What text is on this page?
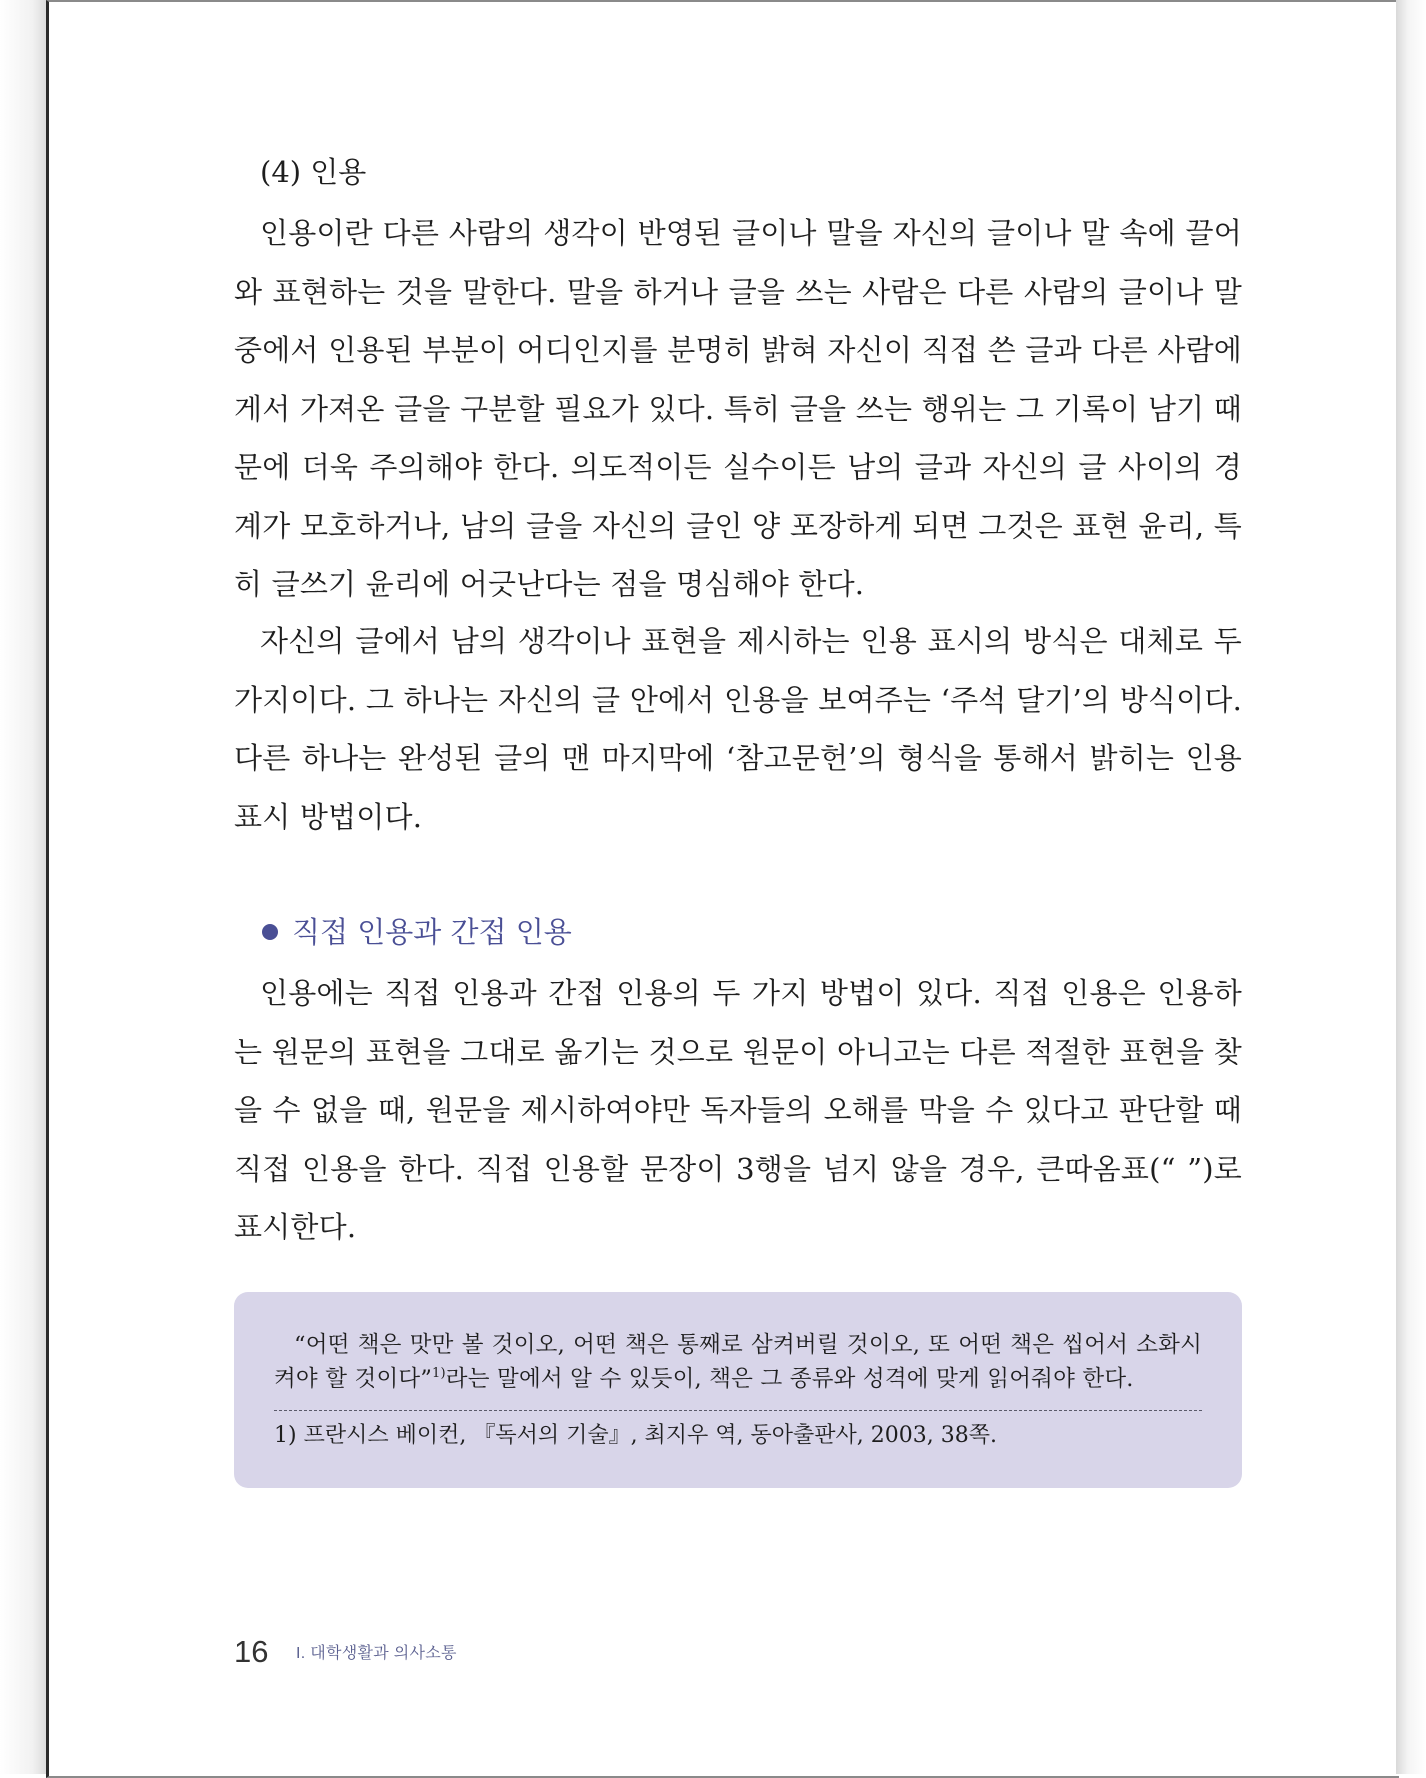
(4) 인용

인용이란 다른 사람의 생각이 반영된 글이나 말을 자신의 글이나 말 속에 끌어와 표현하는 것을 말한다. 말을 하거나 글을 쓰는 사람은 다른 사람의 글이나 말 중에서 인용된 부분이 어디인지를 분명히 밝혀 자신이 직접 쓴 글과 다른 사람에게서 가져온 글을 구분할 필요가 있다. 특히 글을 쓰는 행위는 그 기록이 남기 때문에 더욱 주의해야 한다. 의도적이든 실수이든 남의 글과 자신의 글 사이의 경계가 모호하거나, 남의 글을 자신의 글인 양 포장하게 되면 그것은 표현 윤리, 특히 글쓰기 윤리에 어긋난다는 점을 명심해야 한다.

자신의 글에서 남의 생각이나 표현을 제시하는 인용 표시의 방식은 대체로 두 가지이다. 그 하나는 자신의 글 안에서 인용을 보여주는 ‘주석 달기’의 방식이다. 다른 하나는 완성된 글의 맨 마지막에 ‘참고문헌’의 형식을 통해서 밝히는 인용 표시 방법이다.

직접 인용과 간접 인용

인용에는 직접 인용과 간접 인용의 두 가지 방법이 있다. 직접 인용은 인용하는 원문의 표현을 그대로 옮기는 것으로 원문이 아니고는 다른 적절한 표현을 찾을 수 없을 때, 원문을 제시하여야만 독자들의 오해를 막을 수 있다고 판단할 때 직접 인용을 한다. 직접 인용할 문장이 3행을 넘지 않을 경우, 큰따옴표(“ ”)로 표시한다.

“어떤 책은 맛만 볼 것이오, 어떤 책은 통째로 삼켜버릴 것이오, 또 어떤 책은 씹어서 소화시켜야 할 것이다”$^{1)}$라는 말에서 알 수 있듯이, 책은 그 종류와 성격에 맞게 읽어줘야 한다.

1) 프란시스 베이컨, 『독서의 기술』, 최지우 역, 동아출판사, 2003, 38쪽.

16 I. 대학생활과 의사소통
